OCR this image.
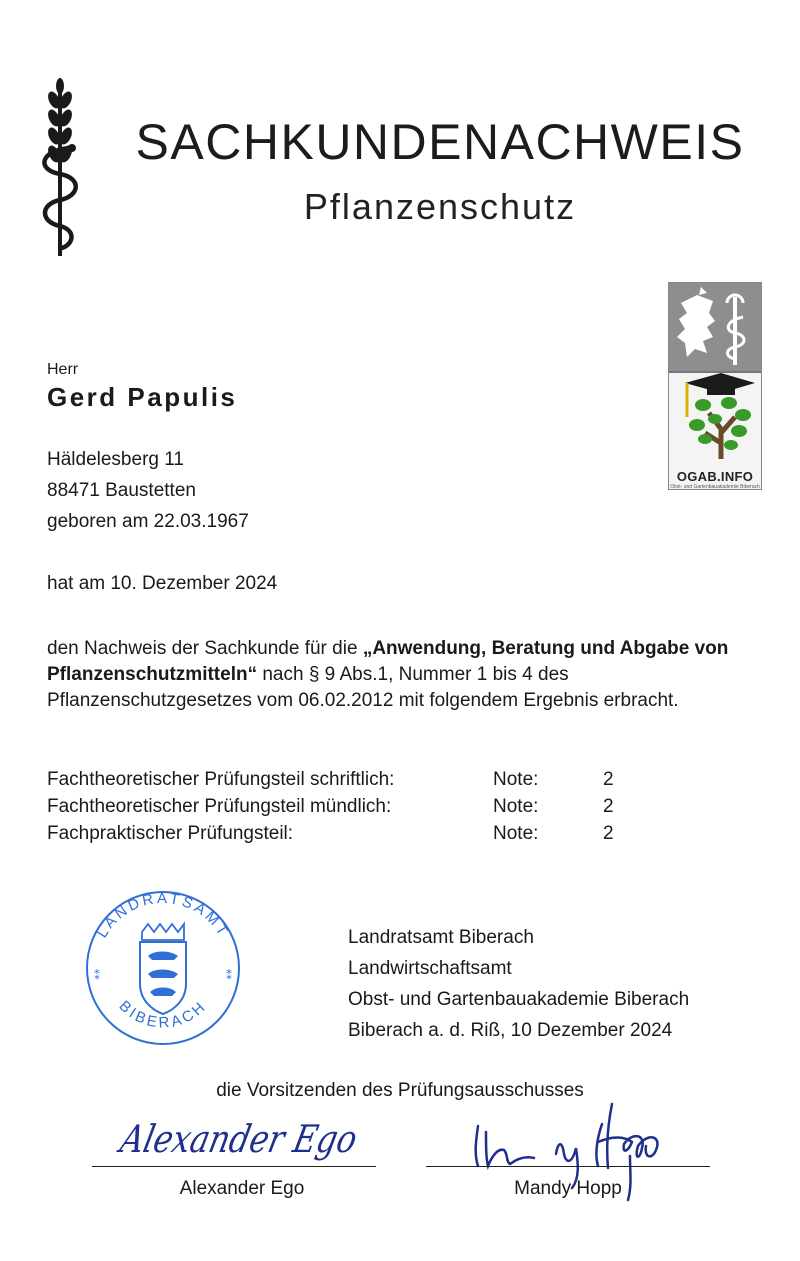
SACHKUNDENACHWEIS
Pflanzenschutz
OGAB.INFO
Obst- und Gartenbauakademie Biberach
Herr
Gerd Papulis
Häldelesberg 11
88471 Baustetten
geboren am 22.03.1967
hat am 10. Dezember 2024
den Nachweis der Sachkunde für die „Anwendung, Beratung und Abgabe von Pflanzenschutzmitteln“ nach § 9 Abs.1, Nummer 1 bis 4 des Pflanzenschutzgesetzes vom 06.02.2012 mit folgendem Ergebnis erbracht.
Fachtheoretischer Prüfungsteil schriftlich:	Note:	2
Fachtheoretischer Prüfungsteil mündlich:	Note:	2
Fachpraktischer Prüfungsteil:	Note:	2
LANDRATSAMT
BIBERACH
⁑	⁑
Landratsamt Biberach
Landwirtschaftsamt
Obst- und Gartenbauakademie Biberach
Biberach a. d. Riß, 10 Dezember 2024
die Vorsitzenden des Prüfungsausschusses
Alexander Ego
Alexander Ego	Mandy Hopp
